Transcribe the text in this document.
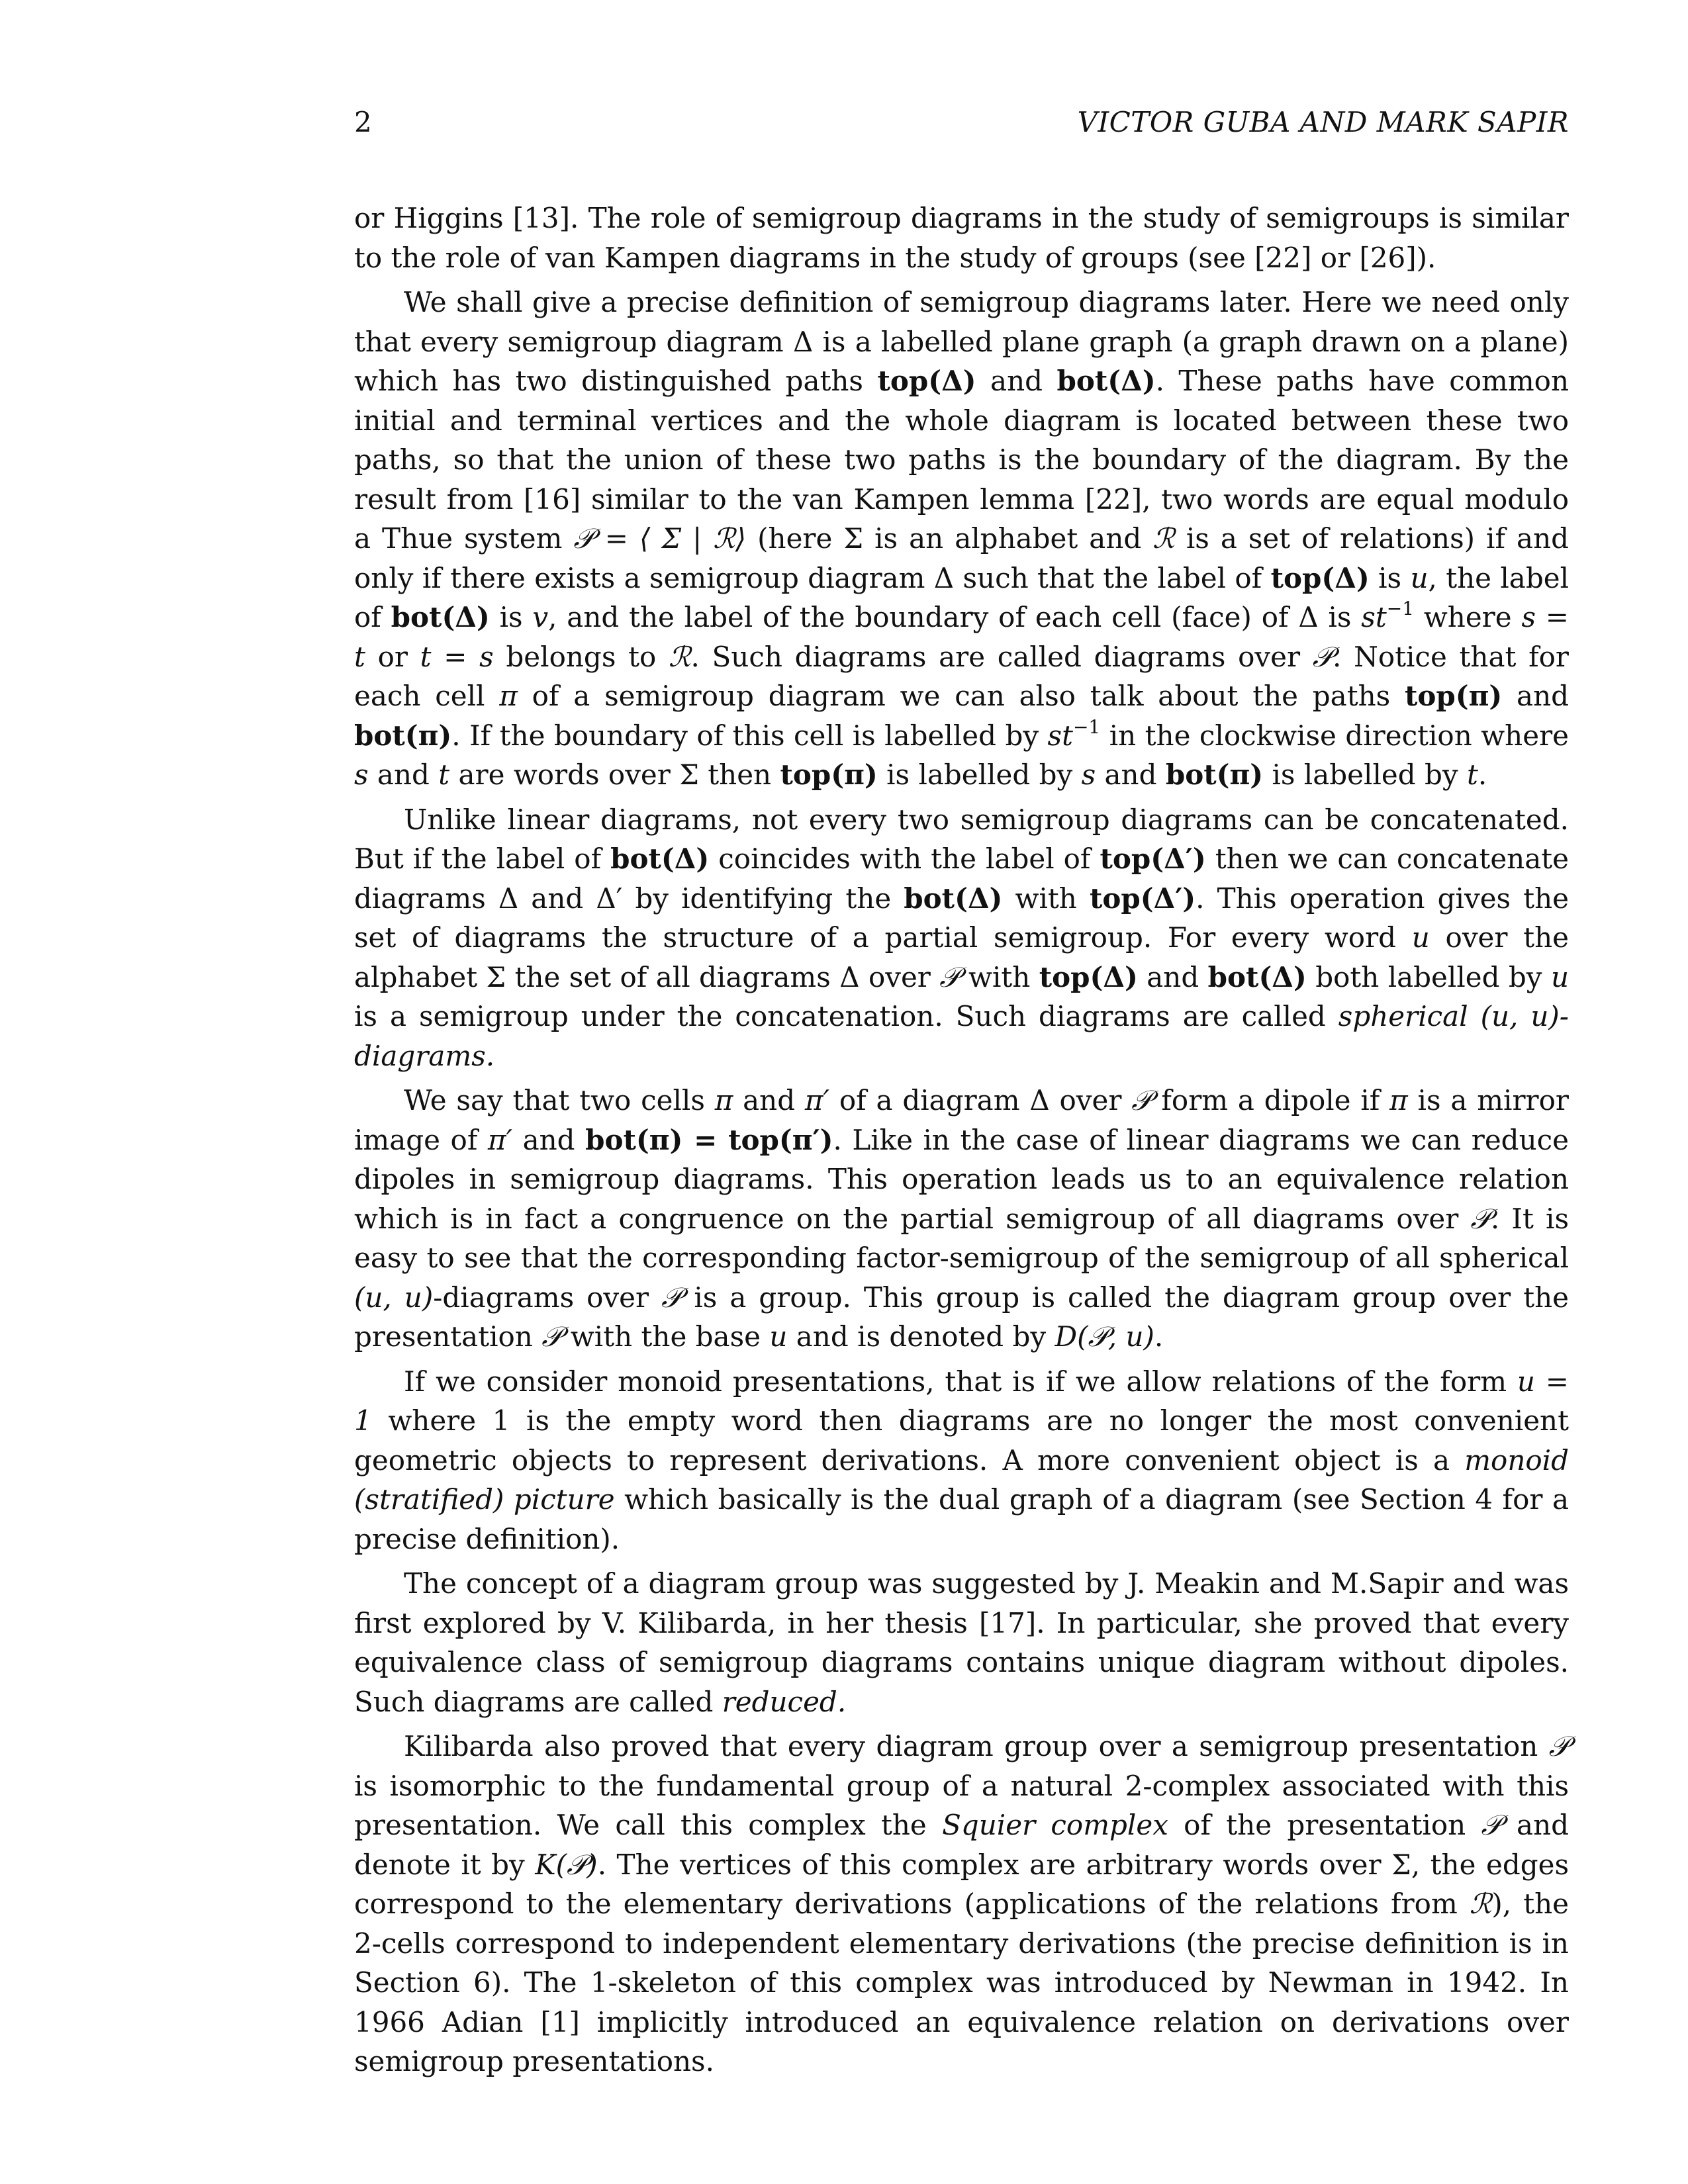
2	VICTOR GUBA AND MARK SAPIR

or Higgins [13]. The role of semigroup diagrams in the study of semigroups is similar to the role of van Kampen diagrams in the study of groups (see [22] or [26]).

We shall give a precise definition of semigroup diagrams later. Here we need only that every semigroup diagram Δ is a labelled plane graph (a graph drawn on a plane) which has two distinguished paths top(Δ) and bot(Δ). These paths have common initial and terminal vertices and the whole diagram is located between these two paths, so that the union of these two paths is the boundary of the diagram. By the result from [16] similar to the van Kampen lemma [22], two words are equal modulo a Thue system 𝒫 = ⟨ Σ | ℛ⟩ (here Σ is an alphabet and ℛ is a set of relations) if and only if there exists a semigroup diagram Δ such that the label of top(Δ) is u, the label of bot(Δ) is v, and the label of the boundary of each cell (face) of Δ is $st^{-1}$ where s = t or t = s belongs to ℛ. Such diagrams are called diagrams over 𝒫. Notice that for each cell π of a semigroup diagram we can also talk about the paths top(π) and bot(π). If the boundary of this cell is labelled by $st^{-1}$ in the clockwise direction where s and t are words over Σ then top(π) is labelled by s and bot(π) is labelled by t.

Unlike linear diagrams, not every two semigroup diagrams can be concatenated. But if the label of bot(Δ) coincides with the label of top(Δ′) then we can concatenate diagrams Δ and Δ′ by identifying the bot(Δ) with top(Δ′). This operation gives the set of diagrams the structure of a partial semigroup. For every word u over the alphabet Σ the set of all diagrams Δ over 𝒫 with top(Δ) and bot(Δ) both labelled by u is a semigroup under the concatenation. Such diagrams are called spherical (u, u)-diagrams.

We say that two cells π and π′ of a diagram Δ over 𝒫 form a dipole if π is a mirror image of π′ and bot(π) = top(π′). Like in the case of linear diagrams we can reduce dipoles in semigroup diagrams. This operation leads us to an equivalence relation which is in fact a congruence on the partial semigroup of all diagrams over 𝒫. It is easy to see that the corresponding factor-semigroup of the semigroup of all spherical (u, u)-diagrams over 𝒫 is a group. This group is called the diagram group over the presentation 𝒫 with the base u and is denoted by D(𝒫, u).

If we consider monoid presentations, that is if we allow relations of the form u = 1 where 1 is the empty word then diagrams are no longer the most convenient geometric objects to represent derivations. A more convenient object is a monoid (stratified) picture which basically is the dual graph of a diagram (see Section 4 for a precise definition).

The concept of a diagram group was suggested by J. Meakin and M.Sapir and was first explored by V. Kilibarda, in her thesis [17]. In particular, she proved that every equivalence class of semigroup diagrams contains unique diagram without dipoles. Such diagrams are called reduced.

Kilibarda also proved that every diagram group over a semigroup presentation 𝒫 is isomorphic to the fundamental group of a natural 2-complex associated with this presentation. We call this complex the Squier complex of the presentation 𝒫 and denote it by K(𝒫). The vertices of this complex are arbitrary words over Σ, the edges correspond to the elementary derivations (applications of the relations from ℛ), the 2-cells correspond to independent elementary derivations (the precise definition is in Section 6). The 1-skeleton of this complex was introduced by Newman in 1942. In 1966 Adian [1] implicitly introduced an equivalence relation on derivations over semigroup presentations.
